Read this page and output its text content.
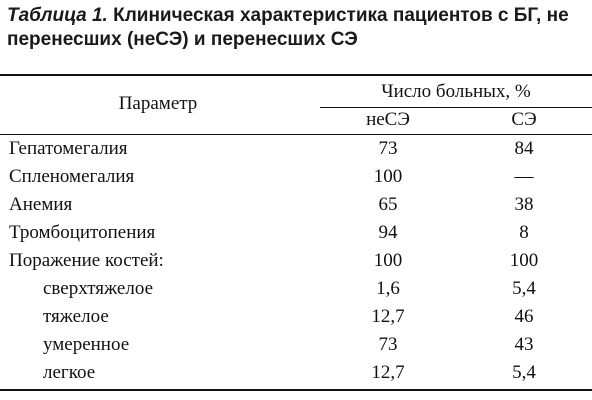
Таблица 1. Клиническая характеристика пациентов с БГ, не перенесших (неСЭ) и перенесших СЭ
Параметр
Число больных, %
неСЭ	СЭ
Гепатомегалия	73	84
Спленомегалия	100	—
Анемия	65	38
Тромбоцитопения	94	8
Поражение костей:	100	100
сверхтяжелое	1,6	5,4
тяжелое	12,7	46
умеренное	73	43
легкое	12,7	5,4
